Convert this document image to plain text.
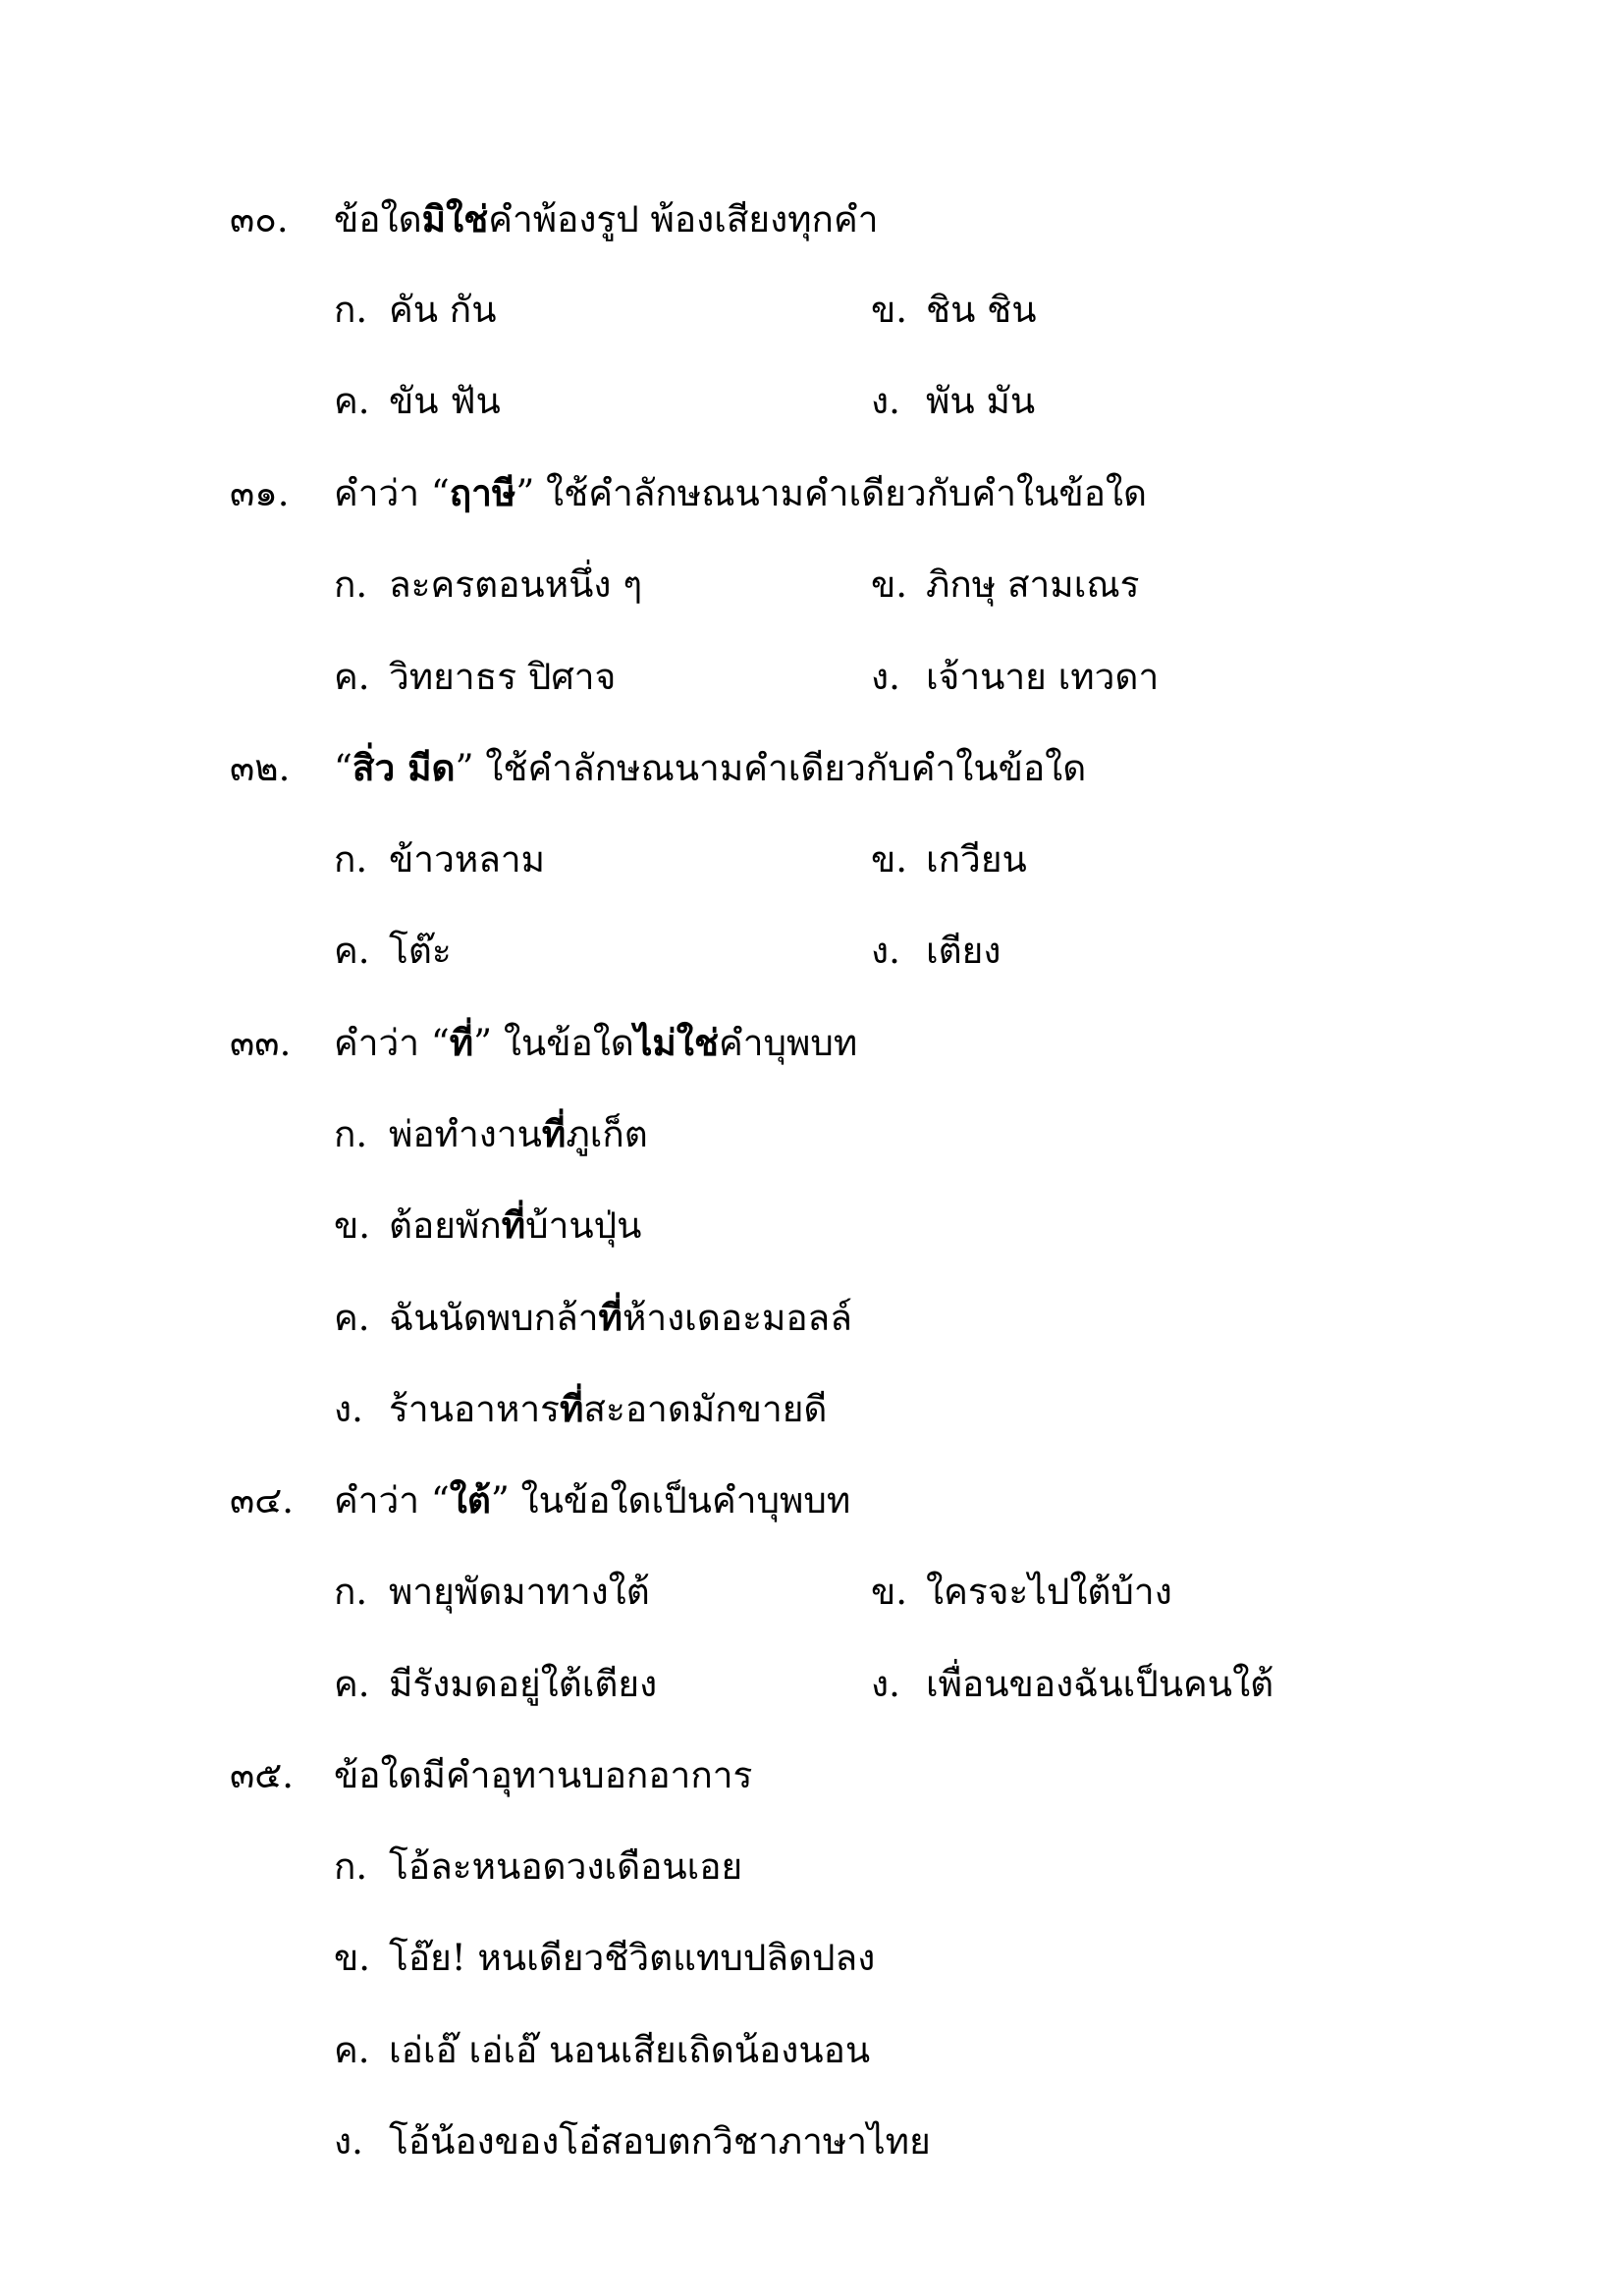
๓๐. ข้อใดมิใช่คำพ้องรูป พ้องเสียงทุกคำ
ก. คัน กัน	ข. ชิน ชิน
ค. ขัน ฟัน	ง. พัน มัน
๓๑. คำว่า “ฤาษี” ใช้คำลักษณนามคำเดียวกับคำในข้อใด
ก. ละครตอนหนึ่ง ๆ	ข. ภิกษุ สามเณร
ค. วิทยาธร ปิศาจ	ง. เจ้านาย เทวดา
๓๒. “สิ่ว มีด” ใช้คำลักษณนามคำเดียวกับคำในข้อใด
ก. ข้าวหลาม	ข. เกวียน
ค. โต๊ะ	ง. เตียง
๓๓. คำว่า “ที่” ในข้อใดไม่ใช่คำบุพบท
ก. พ่อทำงานที่ภูเก็ต
ข. ต้อยพักที่บ้านปุ่น
ค. ฉันนัดพบกล้าที่ห้างเดอะมอลล์
ง. ร้านอาหารที่สะอาดมักขายดี
๓๔. คำว่า “ใต้” ในข้อใดเป็นคำบุพบท
ก. พายุพัดมาทางใต้	ข. ใครจะไปใต้บ้าง
ค. มีรังมดอยู่ใต้เตียง	ง. เพื่อนของฉันเป็นคนใต้
๓๕. ข้อใดมีคำอุทานบอกอาการ
ก. โอ้ละหนอดวงเดือนเอย
ข. โอ๊ย! หนเดียวชีวิตแทบปลิดปลง
ค. เอ่เอ๊ เอ่เอ๊ นอนเสียเถิดน้องนอน
ง. โอ้น้องของโอ๋สอบตกวิชาภาษาไทย
